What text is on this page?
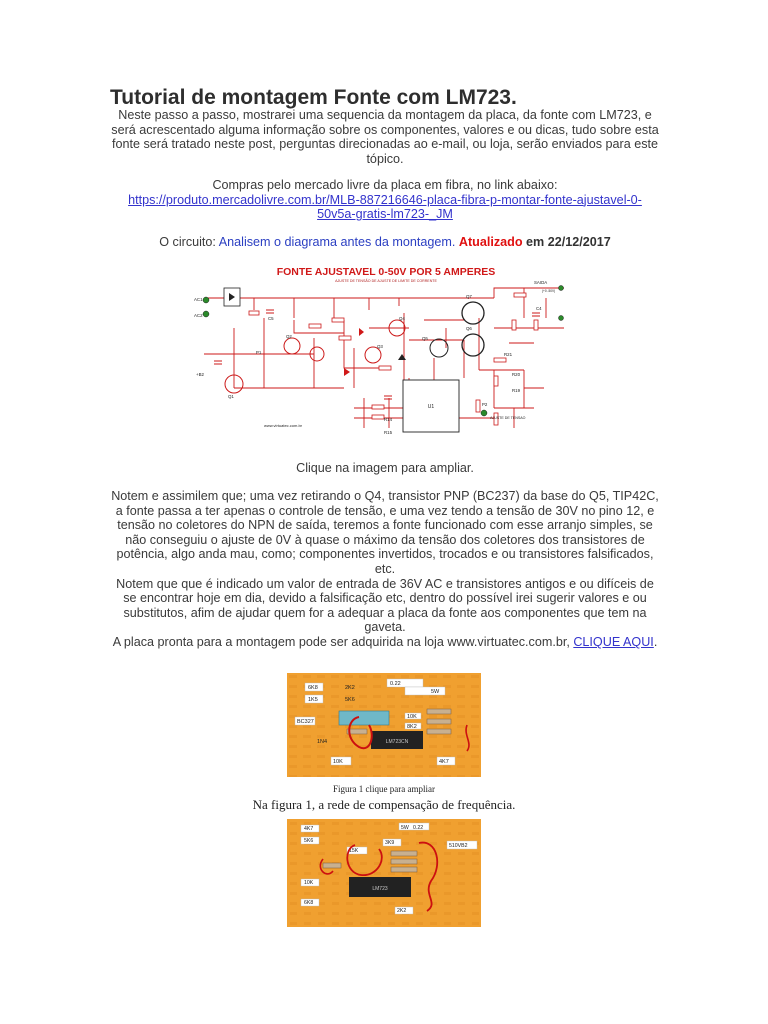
Tutorial de montagem Fonte com LM723.

Neste passo a passo, mostrarei uma sequencia da montagem da placa, da fonte com LM723, e será acrescentado alguma informação sobre os componentes, valores e ou dicas, tudo sobre esta fonte será tratado neste post, perguntas direcionadas ao e-mail, ou loja, serão enviados para este tópico.

Compras pelo mercado livre da placa em fibra, no link abaixo:
https://produto.mercadolivre.com.br/MLB-887216646-placa-fibra-p-montar-fonte-ajustavel-0-
50v5a-gratis-lm723-_JM

O circuito: Analisem o diagrama antes da montagem. Atualizado em 22/12/2017

FONTE AJUSTAVEL 0-50V POR 5 AMPERES
AJUSTE DE TENSÃO DE AJUSTE DE LIMITE DE CORRENTE
U1
AC1
AC2
Q7
Q6
Q5
Q4
Q3
Q2
Q1
R14
R15
R21
R20
R19
C4
C5
P1
P2
+B2
SAIDA
(+0..50V)
AJUSTE DE TENSAO
www.virtuatec.com.br

Clique na imagem para ampliar.

Notem e assimilem que; uma vez retirando o Q4, transistor PNP (BC237) da base do Q5, TIP42C, a fonte passa a ter apenas o controle de tensão, e uma vez tendo a tensão de 30V no pino 12, e tensão no coletores do NPN de saída, teremos a fonte funcionado com esse arranjo simples, se não conseguiu o ajuste de 0V à quase o máximo da tensão dos coletores dos transistores de potência, algo anda mau, como; componentes invertidos, trocados e ou transistores falsificados, etc.
Notem que que é indicado um valor de entrada de 36V AC e transistores antigos e ou difíceis de se encontrar hoje em dia, devido a falsificação etc, dentro do possível irei sugerir valores e ou substitutos, afim de ajudar quem for a adequar a placa da fonte aos componentes que tem na gaveta.
A placa pronta para a montagem pode ser adquirida na loja www.virtuatec.com.br, CLIQUE AQUI.
6K8
1K5
0.22
5W
BC327
1N4
10K	4K7
10K
8K2
2K2
5K6
LM723CN
Figura 1 clique para ampliar
Na figura 1, a rede de compensação de frequência.
4K7	5W 0.22
5K6
15K
3K9	510VB2
10K
6K8
2K2
LM723
